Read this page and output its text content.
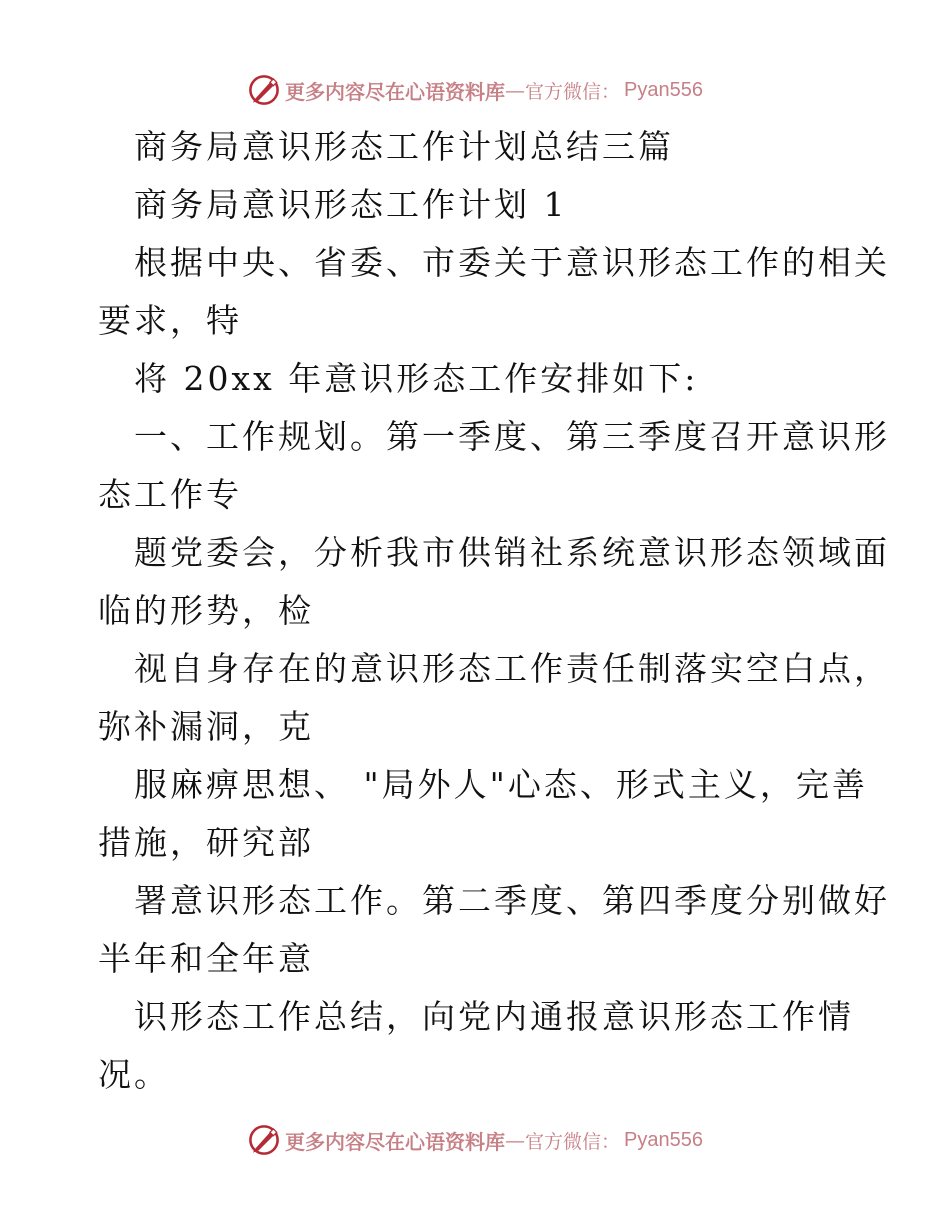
更多内容尽在心语资料库 — 官方微信： Pyan556
商务局意识形态工作计划总结三篇
商务局意识形态工作计划 1
根据中央、省委、市委关于意识形态工作的相关
要求，特
将 20xx 年意识形态工作安排如下:
一、工作规划。第一季度、第三季度召开意识形
态工作专
题党委会，分析我市供销社系统意识形态领域面
临的形势，检
视自身存在的意识形态工作责任制落实空白点，
弥补漏洞，克
服麻痹思想、 "局外人"心态、形式主义，完善
措施，研究部
署意识形态工作。第二季度、第四季度分别做好
半年和全年意
识形态工作总结，向党内通报意识形态工作情
况。
更多内容尽在心语资料库 — 官方微信： Pyan556
